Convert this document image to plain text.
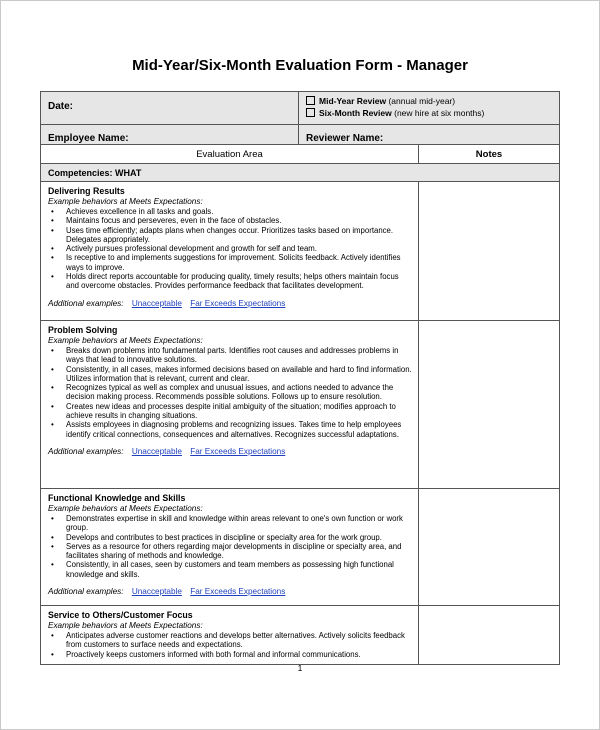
Mid-Year/Six-Month Evaluation Form - Manager
Date:	Mid-Year Review (annual mid-year)
Six-Month Review (new hire at six months)
Employee Name:	Reviewer Name:
Evaluation Area	Notes
Competencies: WHAT
Delivering Results
Example behaviors at Meets Expectations:
• Achieves excellence in all tasks and goals.
• Maintains focus and perseveres, even in the face of obstacles.
• Uses time efficiently; adapts plans when changes occur. Prioritizes tasks based on importance. Delegates appropriately.
• Actively pursues professional development and growth for self and team.
• Is receptive to and implements suggestions for improvement. Solicits feedback. Actively identifies ways to improve.
• Holds direct reports accountable for producing quality, timely results; helps others maintain focus and overcome obstacles. Provides performance feedback that facilitates development.
Additional examples: Unacceptable Far Exceeds Expectations
Problem Solving
Example behaviors at Meets Expectations:
• Breaks down problems into fundamental parts. Identifies root causes and addresses problems in ways that lead to innovative solutions.
• Consistently, in all cases, makes informed decisions based on available and hard to find information. Utilizes information that is relevant, current and clear.
• Recognizes typical as well as complex and unusual issues, and actions needed to advance the decision making process. Recommends possible solutions. Follows up to ensure resolution.
• Creates new ideas and processes despite initial ambiguity of the situation; modifies approach to achieve results in changing situations.
• Assists employees in diagnosing problems and recognizing issues. Takes time to help employees identify critical connections, consequences and alternatives. Recognizes successful adaptations.
Additional examples: Unacceptable Far Exceeds Expectations
Functional Knowledge and Skills
Example behaviors at Meets Expectations:
• Demonstrates expertise in skill and knowledge within areas relevant to one's own function or work group.
• Develops and contributes to best practices in discipline or specialty area for the work group.
• Serves as a resource for others regarding major developments in discipline or specialty area, and facilitates sharing of methods and knowledge.
• Consistently, in all cases, seen by customers and team members as possessing high functional knowledge and skills.
Additional examples: Unacceptable Far Exceeds Expectations
Service to Others/Customer Focus
Example behaviors at Meets Expectations:
• Anticipates adverse customer reactions and develops better alternatives. Actively solicits feedback from customers to surface needs and expectations.
• Proactively keeps customers informed with both formal and informal communications.
1
